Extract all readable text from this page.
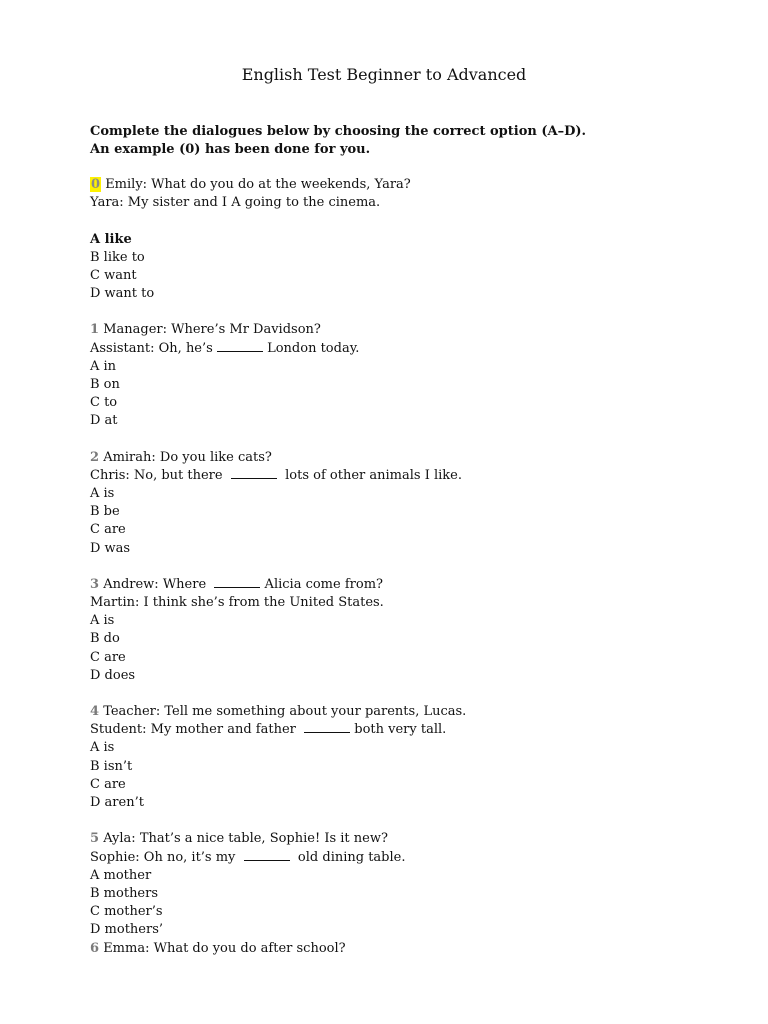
English Test Beginner to Advanced
Complete the dialogues below by choosing the correct option (A–D).
An example (0) has been done for you.
0 Emily: What do you do at the weekends, Yara?
Yara: My sister and I A going to the cinema.

A like
B like to
C want
D want to
1 Manager: Where’s Mr Davidson?
Assistant: Oh, he’s	London today.
A in
B on
C to
D at
2 Amirah: Do you like cats?
Chris: No, but there	lots of other animals I like.
A is
B be
C are
D was
3 Andrew: Where	Alicia come from?
Martin: I think she’s from the United States.
A is
B do
C are
D does
4 Teacher: Tell me something about your parents, Lucas.
Student: My mother and father	both very tall.
A is
B isn’t
C are
D aren’t
5 Ayla: That’s a nice table, Sophie! Is it new?
Sophie: Oh no, it’s my	old dining table.
A mother
B mothers
C mother’s
D mothers’
6 Emma: What do you do after school?
